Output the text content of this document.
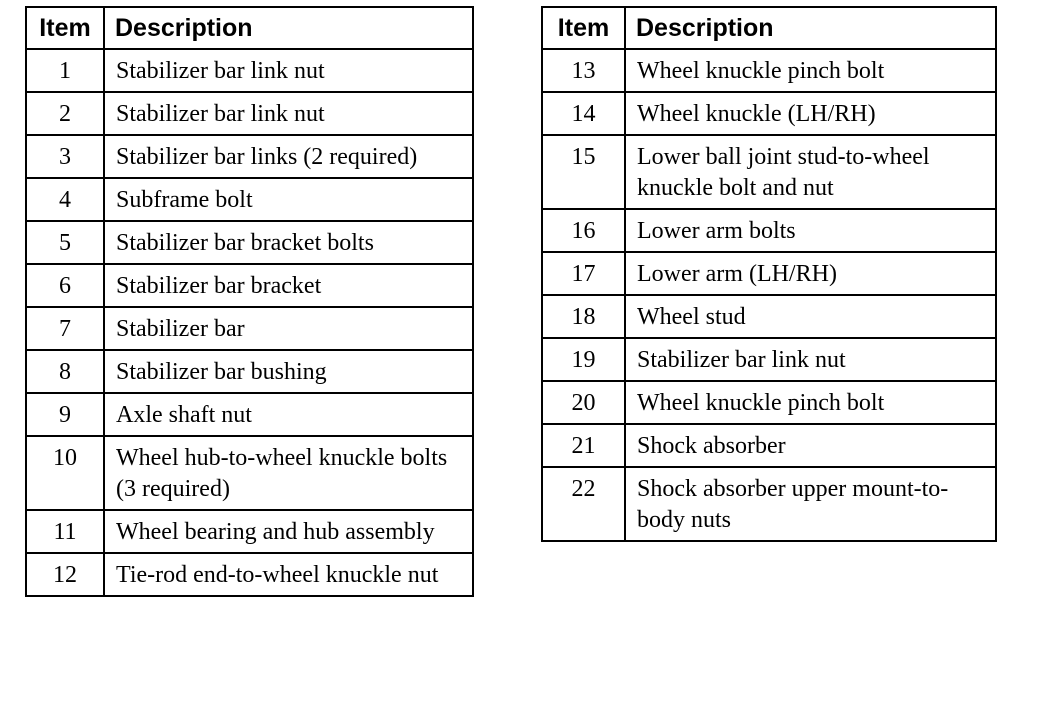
Item	Description
1	Stabilizer bar link nut
2	Stabilizer bar link nut
3	Stabilizer bar links (2 required)
4	Subframe bolt
5	Stabilizer bar bracket bolts
6	Stabilizer bar bracket
7	Stabilizer bar
8	Stabilizer bar bushing
9	Axle shaft nut
10	Wheel hub-to-wheel knuckle bolts (3 required)
11	Wheel bearing and hub assembly
12	Tie-rod end-to-wheel knuckle nut
Item	Description
13	Wheel knuckle pinch bolt
14	Wheel knuckle (LH/RH)
15	Lower ball joint stud-to-wheel knuckle bolt and nut
16	Lower arm bolts
17	Lower arm (LH/RH)
18	Wheel stud
19	Stabilizer bar link nut
20	Wheel knuckle pinch bolt
21	Shock absorber
22	Shock absorber upper mount-to-body nuts
